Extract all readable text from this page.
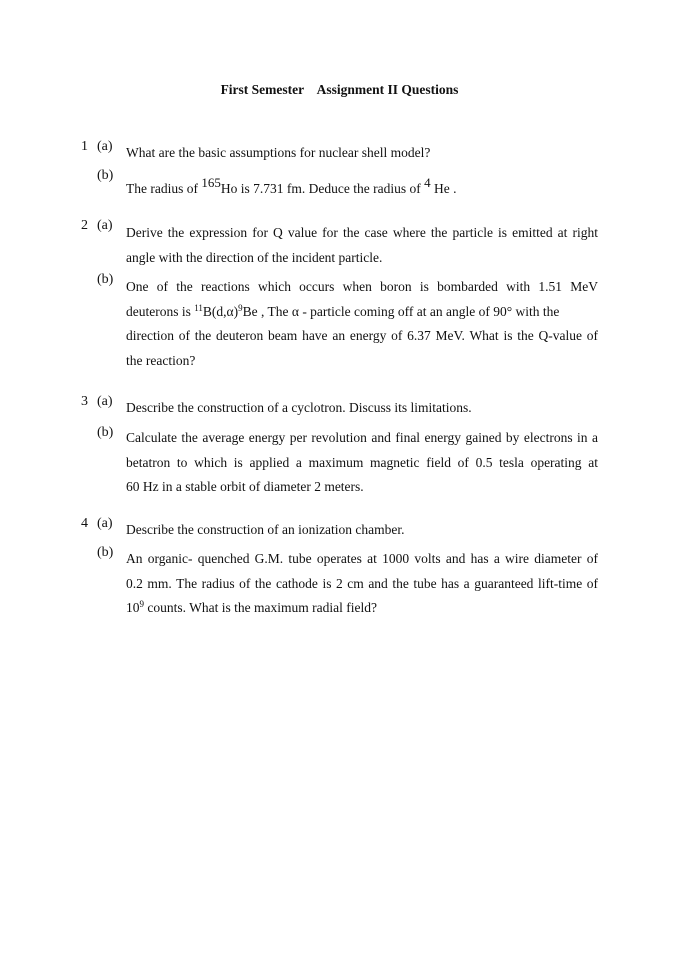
First Semester    Assignment II Questions
1 (a) What are the basic assumptions for nuclear shell model?
(b)
The radius of 165Ho is 7.731 fm. Deduce the radius of 4 He .
2 (a) Derive the expression for Q value for the case where the particle is emitted at right
angle with the direction of the incident particle.
(b) One of the reactions which occurs when boron is bombarded with 1.51 MeV
deuterons is $^{11}B(d,\alpha)^9Be$ , The α - particle coming off at an angle of 90° with the
direction of the deuteron beam have an energy of 6.37 MeV. What is the Q-value of
the reaction?
3 (a) Describe the construction of a cyclotron. Discuss its limitations.
(b) Calculate the average energy per revolution and final energy gained by electrons in a
betatron to which is applied a maximum magnetic field of 0.5 tesla operating at
60 Hz in a stable orbit of diameter 2 meters.
4 (a) Describe the construction of an ionization chamber.
(b) An organic- quenched G.M. tube operates at 1000 volts and has a wire diameter of
0.2 mm. The radius of the cathode is 2 cm and the tube has a guaranteed lift-time of
$10^9$ counts. What is the maximum radial field?
